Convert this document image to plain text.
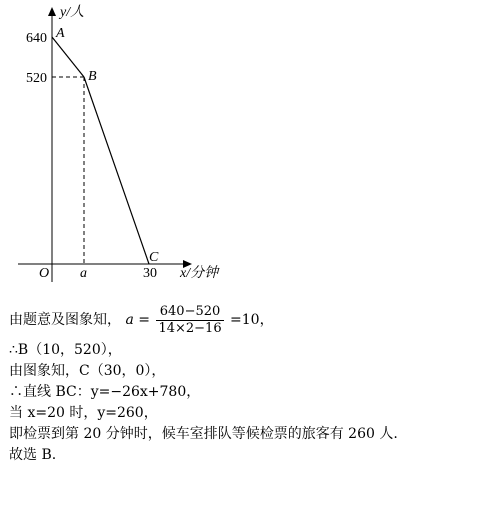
y/人
640 A
520	B
C
O a	30 x/分钟
由题意及图象知， $a = \frac{640-520}{14\times 2-16} =10$，
∴B（10，520），
由图象知，C（30，0），
∴直线 BC：y=−26x+780，
当 x=20 时，y=260，
即检票到第 20 分钟时，候车室排队等候检票的旅客有 260 人.
故选 B.
